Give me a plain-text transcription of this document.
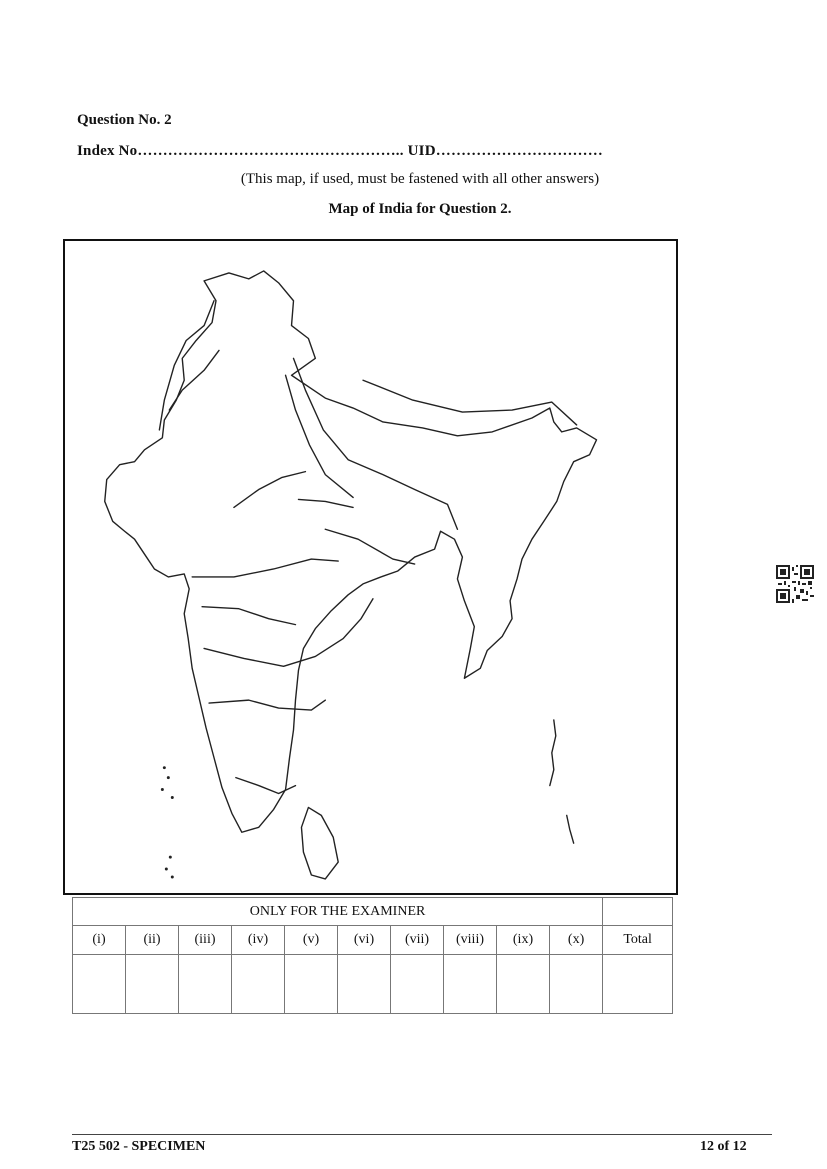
Question No. 2
Index No…………………………………………….. UID……………………………
(This map, if used, must be fastened with all other answers)
Map of India for Question 2.
ONLY FOR THE EXAMINER										
(i)	(ii)	(iii)	(iv)	(v)	(vi)	(vii)	(viii)	(ix)	(x)	Total

T25 502 - SPECIMEN	12 of 12
